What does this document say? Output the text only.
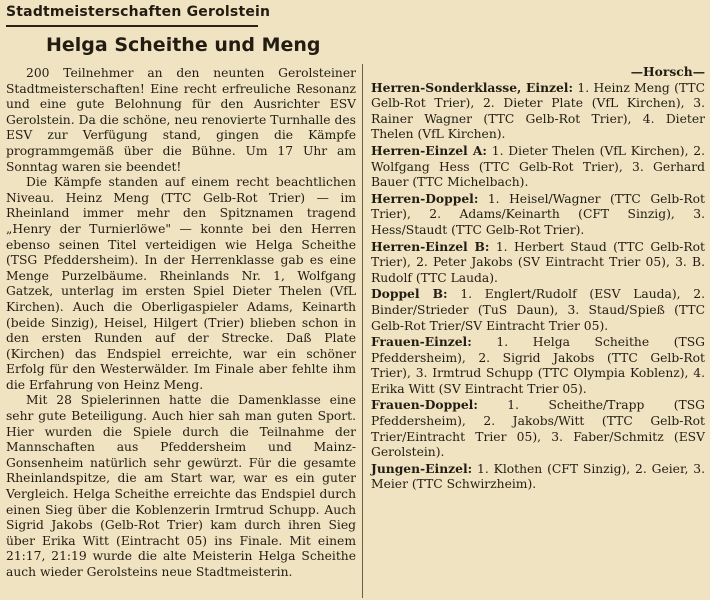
Stadtmeisterschaften Gerolstein
Helga Scheithe und Meng

200 Teilnehmer an den neunten Gerolsteiner Stadtmeisterschaften! Eine recht erfreuliche Resonanz und eine gute Belohnung für den Ausrichter ESV Gerolstein. Da die schöne, neu renovierte Turnhalle des ESV zur Verfügung stand, gingen die Kämpfe programmgemäß über die Bühne. Um 17 Uhr am Sonntag waren sie beendet!

Die Kämpfe standen auf einem recht beachtlichen Niveau. Heinz Meng (TTC Gelb-Rot Trier) — im Rheinland immer mehr den Spitznamen tragend „Henry der Turnierlöwe" — konnte bei den Herren ebenso seinen Titel verteidigen wie Helga Scheithe (TSG Pfeddersheim). In der Herrenklasse gab es eine Menge Purzelbäume. Rheinlands Nr. 1, Wolfgang Gatzek, unterlag im ersten Spiel Dieter Thelen (VfL Kirchen). Auch die Oberligaspieler Adams, Keinarth (beide Sinzig), Heisel, Hilgert (Trier) blieben schon in den ersten Runden auf der Strecke. Daß Plate (Kirchen) das Endspiel erreichte, war ein schöner Erfolg für den Westerwälder. Im Finale aber fehlte ihm die Erfahrung von Heinz Meng.

Mit 28 Spielerinnen hatte die Damenklasse eine sehr gute Beteiligung. Auch hier sah man guten Sport. Hier wurden die Spiele durch die Teilnahme der Mannschaften aus Pfeddersheim und Mainz-Gonsenheim natürlich sehr gewürzt. Für die gesamte Rheinlandspitze, die am Start war, war es ein guter Vergleich. Helga Scheithe erreichte das Endspiel durch einen Sieg über die Koblenzerin Irmtrud Schupp. Auch Sigrid Jakobs (Gelb-Rot Trier) kam durch ihren Sieg über Erika Witt (Eintracht 05) ins Finale. Mit einem 21:17, 21:19 wurde die alte Meisterin Helga Scheithe auch wieder Gerolsteins neue Stadtmeisterin.

—Horsch—
Herren-Sonderklasse, Einzel: 1. Heinz Meng (TTC Gelb-Rot Trier), 2. Dieter Plate (VfL Kirchen), 3. Rainer Wagner (TTC Gelb-Rot Trier), 4. Dieter Thelen (VfL Kirchen).
Herren-Einzel A: 1. Dieter Thelen (VfL Kirchen), 2. Wolfgang Hess (TTC Gelb-Rot Trier), 3. Gerhard Bauer (TTC Michelbach).
Herren-Doppel: 1. Heisel/Wagner (TTC Gelb-Rot Trier), 2. Adams/Keinarth (CFT Sinzig), 3. Hess/Staudt (TTC Gelb-Rot Trier).
Herren-Einzel B: 1. Herbert Staud (TTC Gelb-Rot Trier), 2. Peter Jakobs (SV Eintracht Trier 05), 3. B. Rudolf (TTC Lauda).
Doppel B: 1. Englert/Rudolf (ESV Lauda), 2. Binder/Strieder (TuS Daun), 3. Staud/Spieß (TTC Gelb-Rot Trier/SV Eintracht Trier 05).
Frauen-Einzel: 1. Helga Scheithe (TSG Pfeddersheim), 2. Sigrid Jakobs (TTC Gelb-Rot Trier), 3. Irmtrud Schupp (TTC Olympia Koblenz), 4. Erika Witt (SV Eintracht Trier 05).
Frauen-Doppel: 1. Scheithe/Trapp (TSG Pfeddersheim), 2. Jakobs/Witt (TTC Gelb-Rot Trier/Eintracht Trier 05), 3. Faber/Schmitz (ESV Gerolstein).
Jungen-Einzel: 1. Klothen (CFT Sinzig), 2. Geier, 3. Meier (TTC Schwirzheim).
